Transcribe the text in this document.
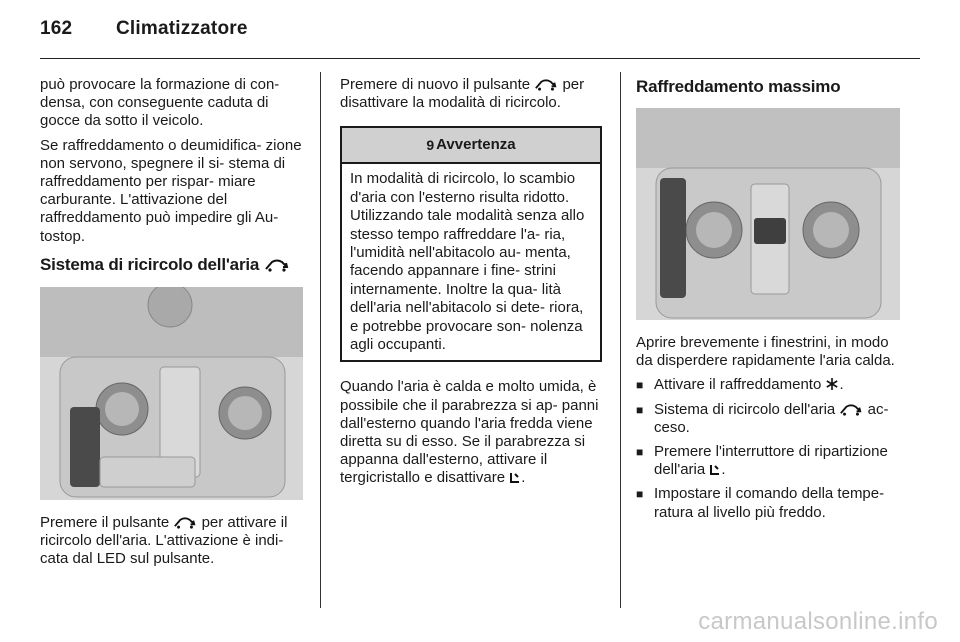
162 Climatizzatore

può provocare la formazione di con- densa, con conseguente caduta di gocce da sotto il veicolo.

Se raffreddamento o deumidifica- zione non servono, spegnere il si- stema di raffreddamento per rispar- miare carburante. L'attivazione del raffreddamento può impedire gli Au- tostop.

Sistema di ricircolo dell'aria

Premere il pulsante per attivare il ricircolo dell'aria. L'attivazione è indi- cata dal LED sul pulsante.

Premere di nuovo il pulsante per disattivare la modalità di ricircolo.

9 Avvertenza
In modalità di ricircolo, lo scambio d'aria con l'esterno risulta ridotto. Utilizzando tale modalità senza allo stesso tempo raffreddare l'a- ria, l'umidità nell'abitacolo au- menta, facendo appannare i fine- strini internamente. Inoltre la qua- lità dell'aria nell'abitacolo si dete- riora, e potrebbe provocare son- nolenza agli occupanti.

Quando l'aria è calda e molto umida, è possibile che il parabrezza si ap- panni dall'esterno quando l'aria fredda viene diretta su di esso. Se il parabrezza si appanna dall'esterno, attivare il tergicristallo e disattivare .

Raffreddamento massimo

Aprire brevemente i finestrini, in modo da disperdere rapidamente l'aria calda.

■ Attivare il raffreddamento .
■ Sistema di ricircolo dell'aria ac- ceso.
■ Premere l'interruttore di ripartizione dell'aria .
■ Impostare il comando della tempe- ratura al livello più freddo.
carmanualsonline.info
